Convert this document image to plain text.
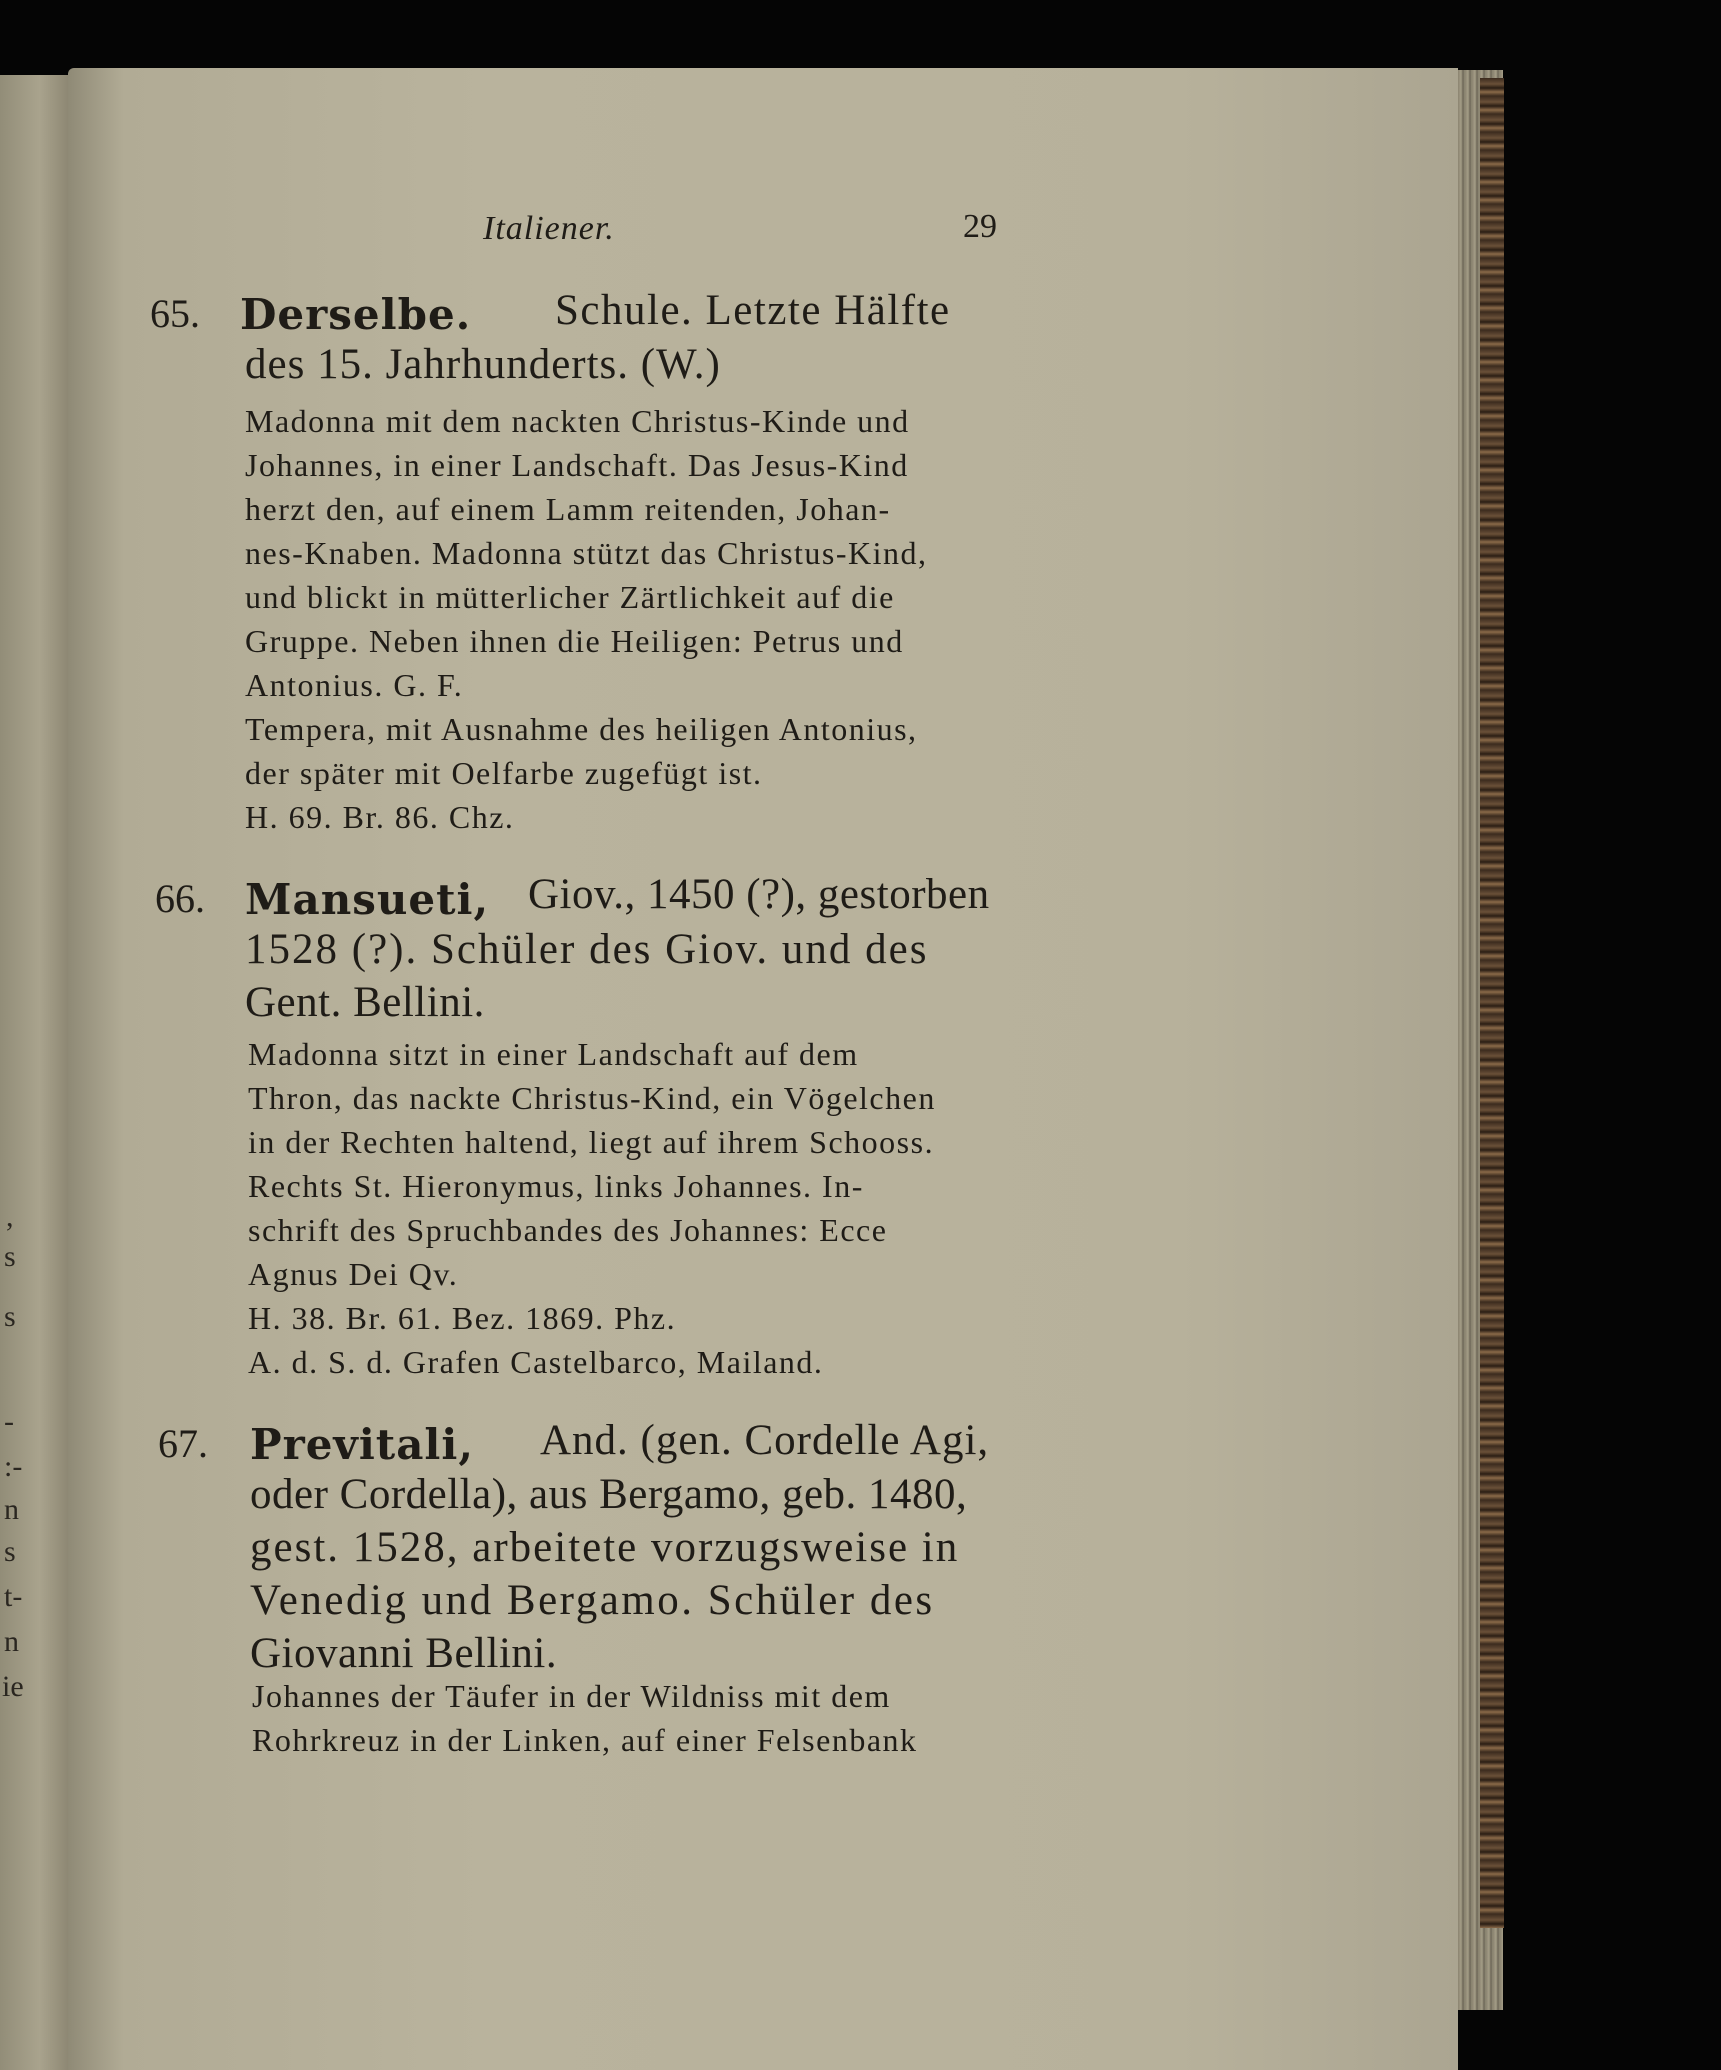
,

s

s

-

:-

n

s

t-

n

ie

Italiener.	29

65. Derselbe. Schule. Letzte Hälfte

des 15. Jahrhunderts. (W.)

Madonna mit dem nackten Christus-Kinde und

Johannes, in einer Landschaft. Das Jesus-Kind

herzt den, auf einem Lamm reitenden, Johan-

nes-Knaben. Madonna stützt das Christus-Kind,

und blickt in mütterlicher Zärtlichkeit auf die

Gruppe. Neben ihnen die Heiligen: Petrus und

Antonius. G. F.

Tempera, mit Ausnahme des heiligen Antonius,

der später mit Oelfarbe zugefügt ist.

H. 69. Br. 86. Chz.

66. Mansueti, Giov., 1450 (?), gestorben

1528 (?). Schüler des Giov. und des

Gent. Bellini.

Madonna sitzt in einer Landschaft auf dem

Thron, das nackte Christus-Kind, ein Vögelchen

in der Rechten haltend, liegt auf ihrem Schooss.

Rechts St. Hieronymus, links Johannes. In-

schrift des Spruchbandes des Johannes: Ecce

Agnus Dei Qv.

H. 38. Br. 61. Bez. 1869. Phz.

A. d. S. d. Grafen Castelbarco, Mailand.

67. Previtali, And. (gen. Cordelle Agi,

oder Cordella), aus Bergamo, geb. 1480,

gest. 1528, arbeitete vorzugsweise in

Venedig und Bergamo. Schüler des

Giovanni Bellini.

Johannes der Täufer in der Wildniss mit dem

Rohrkreuz in der Linken, auf einer Felsenbank
